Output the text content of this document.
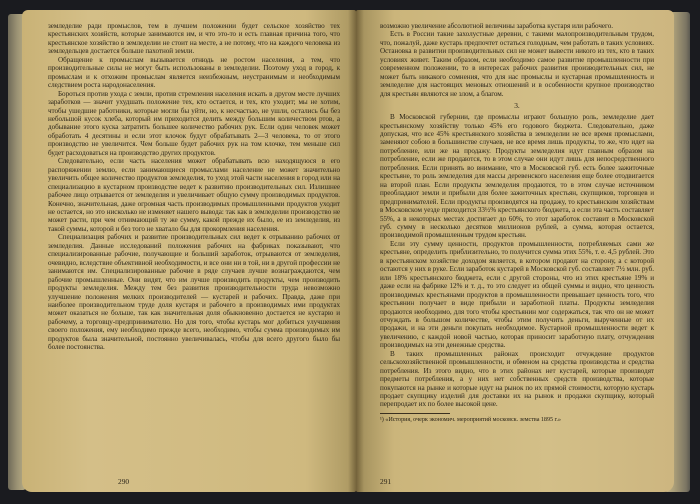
земледелие ради промыслов, тем в лучшем положении будет сельское хозяйство тех крестьянских хозяйств, которые занимаются им, и что это-то и есть главная причина того, что крестьянское хозяйство в земледелии не стоит на месте, а не потому, что на каждого человека из земледельцев достается больше пахотной земли.

Обращение к промыслам вызывается отнюдь не ростом населения, а тем, что производительные силы не могут быть использованы в земледелии. Поэтому уход в город, к промыслам и к отхожим промыслам является неизбежным, неустранимым и необходимым следствием роста народонаселения.

Бороться против ухода с земли, против стремления населения искать в другом месте лучших заработков — значит ухудшать положение тех, кто остается, и тех, кто уходит; мы не хотим, чтобы ушедшие работники, которые могли бы уйти, но, к несчастью, не ушли, остались бы без небольшой кусок хлеба, который им приходится делить между большим количеством ртов, а добывание этого куска затратить большее количество рабочих рук. Если один человек может обработать 4 десятины и если этот клочок будут обрабатывать 2—3 человека, то от этого производство не увеличится. Чем больше будет рабочих рук на том клочке, тем меньше сил будет расходоваться на производство других продуктов.

Следовательно, если часть населения может обрабатывать всю находящуюся в его распоряжении землю, если занимающиеся промыслами население не может значительно увеличить общее количество продуктов земледелия, то уход этой части населения в город или на специализацию в кустарном производстве ведет к развитию производительных сил. Излишнее рабочее лицо отрывается от земледелия и увеличивает общую сумму производимых продуктов. Конечно, значительная, даже огромная часть производимых промышленными продуктов уходит не остается, но это нисколько не изменяет нашего вывода: так как в земледелии производство не может расти, при чем отнимающий ту же сумму, какой прежде их было, ее из земледелия, из такой суммы, которой и без того не хватало бы для прокормления населения.

Специализация рабочих и развитие производительных сил ведет к отрыванию рабочих от земледелия. Данные исследований положения рабочих на фабриках показывают, что специализированные рабочие, получающие и больший заработок, отрываются от земледелия, очевидно, вследствие объективной необходимости, и все они ни в той, ни в другой профессии не занимаются им. Специализированные рабочие в ряде случаев лучше вознаграждаются, чем рабочие промышленные. Они видят, что им лучше производить продукты, чем производить продукты земледелия. Между тем без развития производительности труда невозможно улучшение положения мелких производителей — кустарей и рабочих. Правда, даже при наиболее производительном труде доля кустаря и рабочего в производимых ими продуктах может оказаться не больше, так как значительная доля обыкновенно достается не кустарю и рабочему, а торговцу-предпринимателю. Но для того, чтобы кустарь мог добиться улучшения своего положения, ему необходимо прежде всего, необходимо, чтобы сумма производимых им продуктов была значительной, постоянно увеличивалась, чтобы для всего другого было бы более постоянства.

290

возможно увеличение абсолютной величины заработка кустаря или рабочего.

Есть в России такие захолустные деревни, с такими малопроизводительным трудом, что, пожалуй, даже кустарь предпочтет остаться голодным, чем работать в таких условиях. Остановка в развитии производительных сил не может вывести никого из тех, кто в таких условиях живет. Таким образом, если необходимо самое развитие промышленности при современном положении, то в интересах рабочих развития производительных сил, не может быть никакого сомнения, что для нас промыслы и кустарная промышленность и земледелие для настоящих меновых отношений и в особенности крупное производство для крестьян являются не злом, а благом.

3.

В Московской губернии, где промыслы играют большую роль, земледелие дает крестьянскому хозяйству только 45% его годового бюджета. Следовательно, даже допуская, что все 45% крестьянского хозяйства в земледелии не все время промыслами, заменяют собою в большинстве случаев, не все время лишь продукты, то же, что идет на потребление, или же на продажу. Продукты земледелия идут главным образом на потребление, если же продаются, то в этом случае они идут лишь для непосредственного потребления. Если принять во внимание, что в Московской губ. есть более зажиточные крестьяне, то роль земледелия для массы деревенского населения еще более отодвигается на второй план. Если продукты земледелия продаются, то в этом случае источником преобладают земли и прибыли для более зажиточных крестьян, скупщиков, торговцев и предпринимателей. Если продукты производятся на продажу, то крестьянским хозяйствам в Московском уезде приходится 33½% крестьянского бюджета, а если эта часть составляет 55%, а в некоторых местах достигает до 60%, то этот заработок составит в Московской губ. сумму в несколько десятков миллионов рублей, а сумма, которая остается, производимой промышленным трудом крестьян.

Если эту сумму ценности, продуктов промышленности, потребляемых сами же крестьяне, определить приблизительно, то получится сумма этих 55%, т. е. 4,5 рублей. Это в крестьянском хозяйстве доходом является, в котором продают на сторону, а с которой остаются у них в руке. Если заработок кустарей в Московской губ. составляет 7½ млн. руб. или 18% крестьянского бюджета, если с другой стороны, что из этих крестьяне 19% и даже если на фабрике 12% и т. д., то это следует из общей суммы и видно, что ценность производимых крестьянами продуктов в промышленности превышает ценность того, что крестьянин получает в виде прибыли и заработной платы. Продукты земледелия продаются необходимо, для того чтобы крестьянин мог содержаться, так что он не может отчуждать в большом количестве, чтобы этим получить деньги, вырученные от их продажи, и на эти деньги покупать необходимое. Кустарной промышленности ведет к увеличению, с каждой новой частью, которая приносит заработную плату, отчуждения производимых на эти денежные средства.

В таких промышленных районах происходит отчуждение продуктов сельскохозяйственной промышленности, и обменом на средства производства и средства потребления. Из этого видно, что в этих районах нет кустарей, которые производят предметы потребления, а у них нет собственных средств производства, которые покупаются на рынке и которые идут на рынок по их прямой стоимости, которую кустарь продает скупщику изделий для доставки их на рынок и продажи скупщику, который перепродает их по более высокой цене.

¹) «История, очерк экономич. мероприятий московск. земства 1895 г.»

291
